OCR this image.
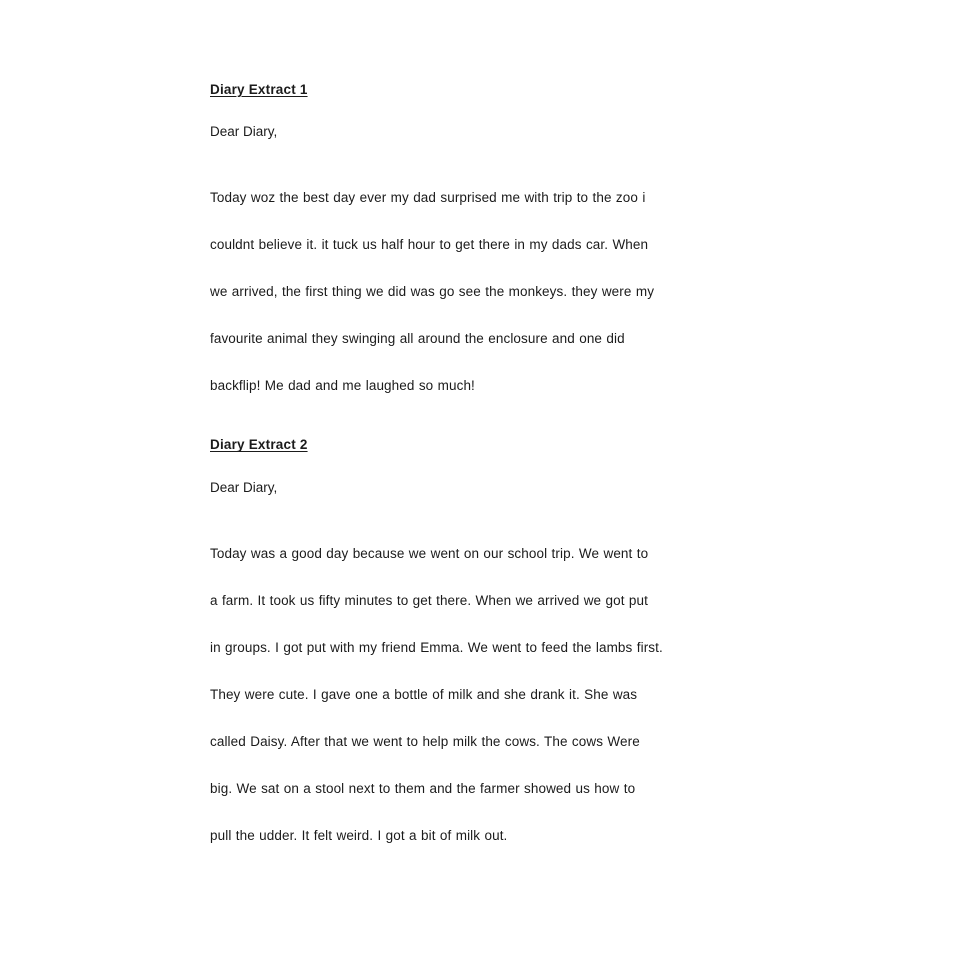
Diary Extract 1
Dear Diary,
Today woz the best day ever my dad surprised me with trip to the zoo i
couldnt believe it. it tuck us half hour to get there in my dads car. When
we arrived, the first thing we did was go see the monkeys. they were my
favourite animal they swinging all around the enclosure and one did
backflip! Me dad and me laughed so much!
Diary Extract 2
Dear Diary,
Today was a good day because we went on our school trip. We went to
a farm. It took us fifty minutes to get there. When we arrived we got put
in groups. I got put with my friend Emma. We went to feed the lambs first.
They were cute. I gave one a bottle of milk and she drank it. She was
called Daisy. After that we went to help milk the cows. The cows Were
big. We sat on a stool next to them and the farmer showed us how to
pull the udder. It felt weird. I got a bit of milk out.
